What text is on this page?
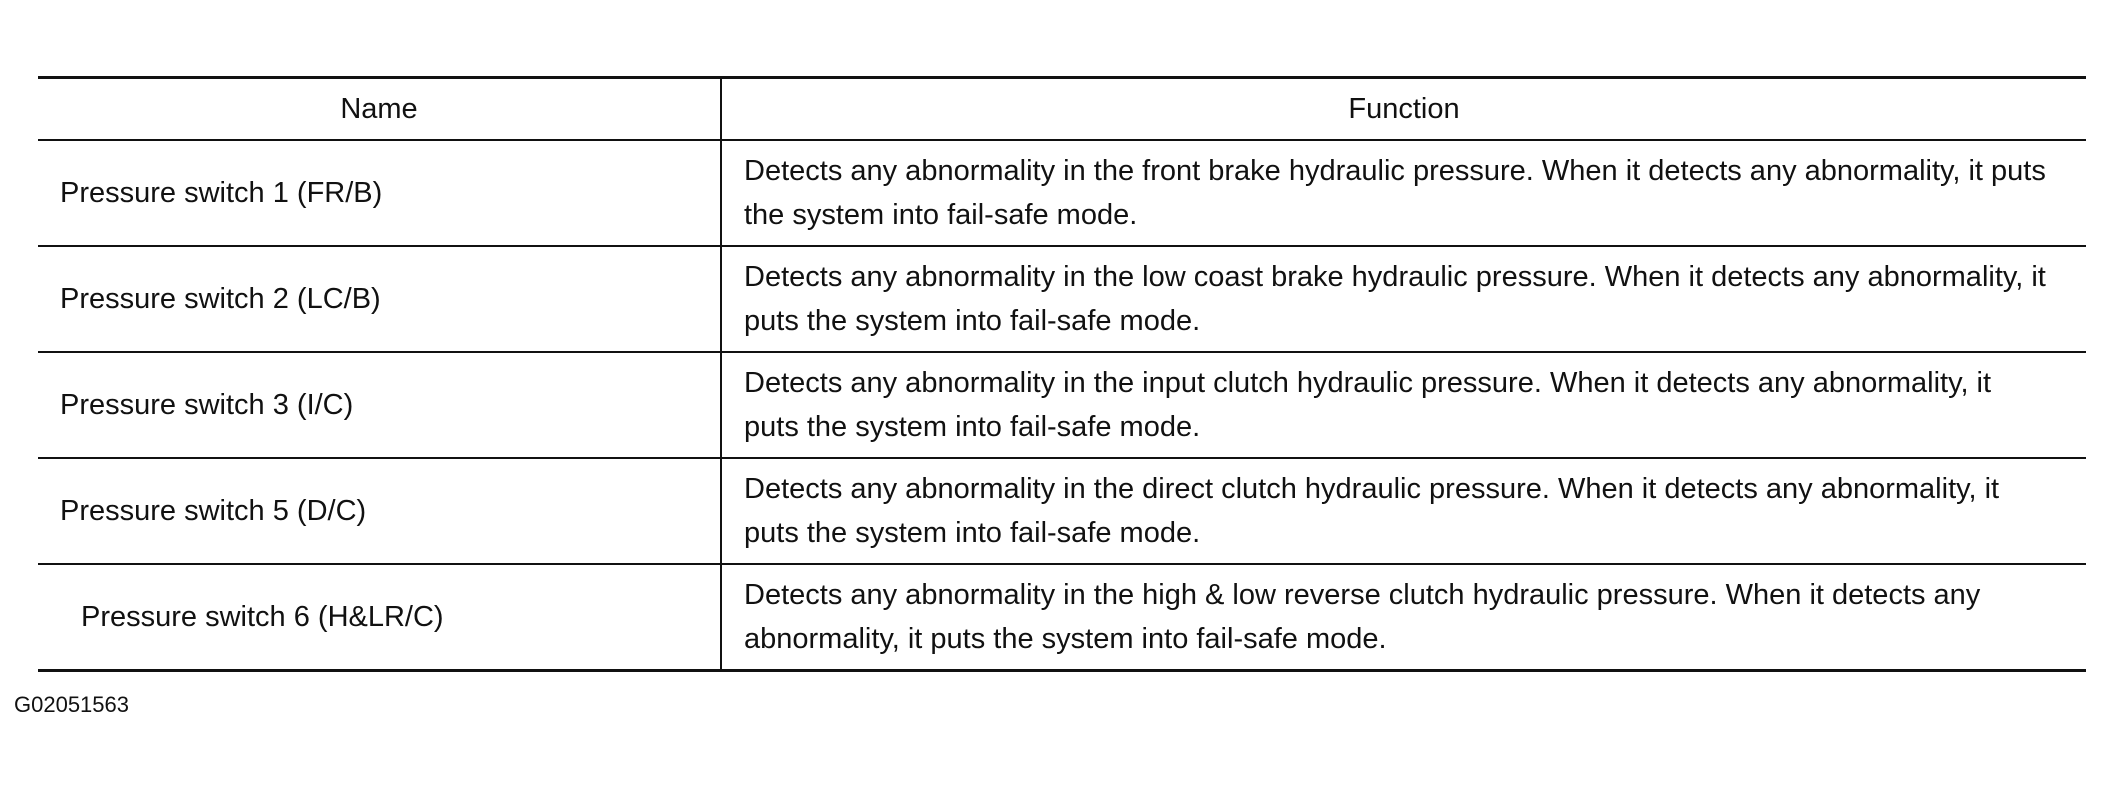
Name	Function
Pressure switch 1 (FR/B)	Detects any abnormality in the front brake hydraulic pressure. When it detects any abnormality, it puts the system into fail-safe mode.
Pressure switch 2 (LC/B)	Detects any abnormality in the low coast brake hydraulic pressure. When it detects any abnormality, it puts the system into fail-safe mode.
Pressure switch 3 (I/C)	Detects any abnormality in the input clutch hydraulic pressure. When it detects any abnormality, it puts the system into fail-safe mode.
Pressure switch 5 (D/C)	Detects any abnormality in the direct clutch hydraulic pressure. When it detects any abnormality, it puts the system into fail-safe mode.
Pressure switch 6 (H&LR/C)	Detects any abnormality in the high & low reverse clutch hydraulic pressure. When it detects any abnormality, it puts the system into fail-safe mode.
G02051563
